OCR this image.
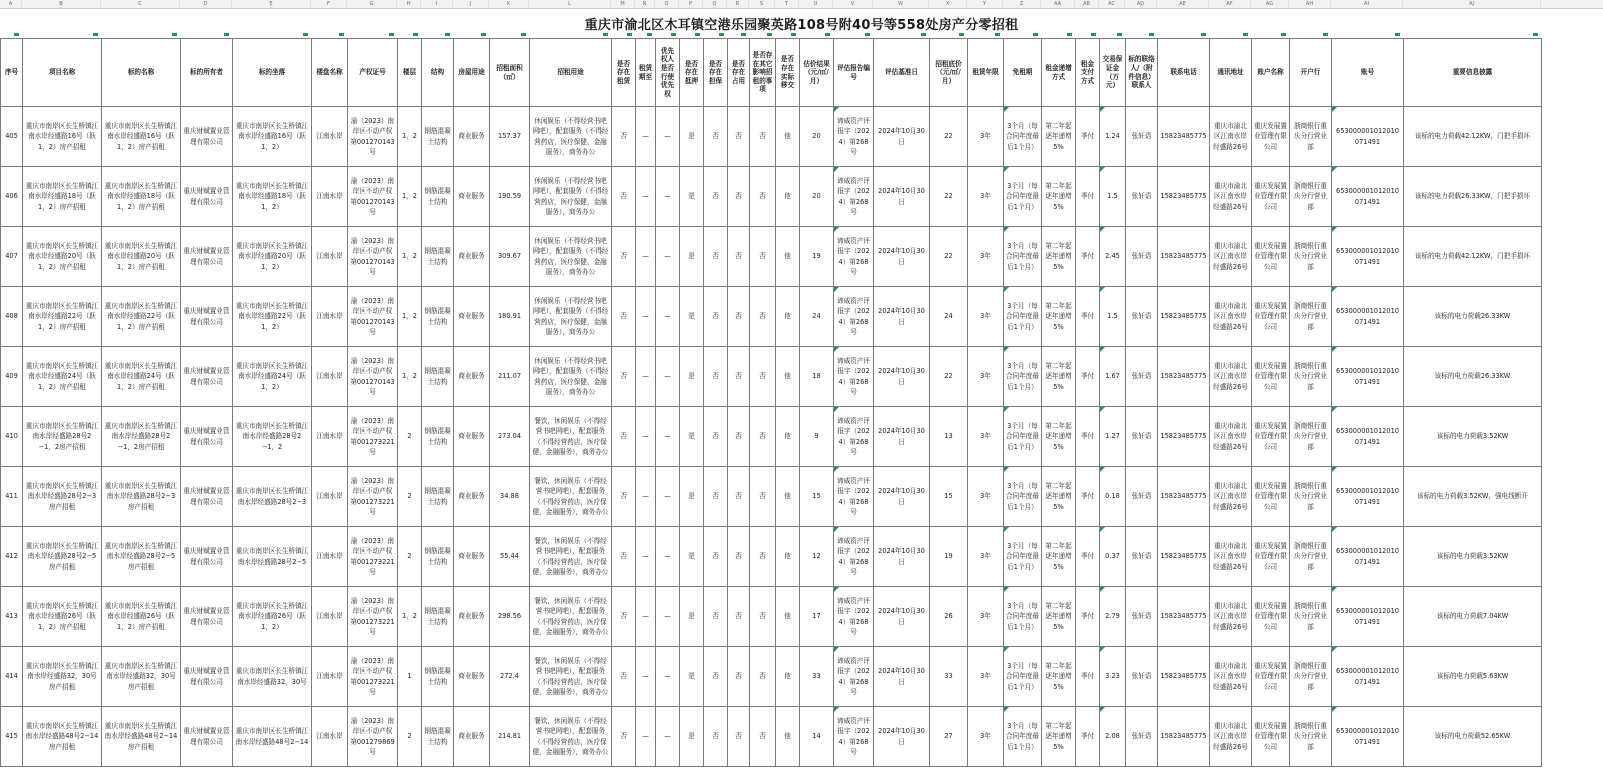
A	B	C	D	E	F	G	H	I	J	K	L	M	N	O	P	Q	R	S	T	U	V	W	X	Y	Z	AA	AB	AC	AD	AE	AF	AG	AH	AI	AJ
重庆市渝北区木耳镇空港乐园聚英路108号附40号等558处房产分零招租
序号	项目名称	标的名称	标的所有者	标的坐落	楼盘名称	产权证号	楼层	结构	房屋用途	招租面积（㎡）	招租用途	是否存在租赁	租赁期至	优先权人是否行使优先权	是否存在抵押	是否存在担保	是否存在占用	是否存在其它影响招租的事项	是否存在实际移交	估价结果（元/㎡/月）	评估报告编号	评估基准日	招租底价（元/㎡/月）	租赁年限	免租期	租金递增方式	租金支付方式	交易保证金（万元）	标的联络人/（附件信息）联系人	联系电话	通讯地址	账户名称	开户行	账号	重要信息披露
405	重庆市南岸区长生桥镇江南水岸经盛路16号（跃1，2）房产招租	重庆市南岸区长生桥镇江南水岸经盛路16号（跃1，2）房产招租	重庆财赋置业管理有限公司	重庆市南岸区长生桥镇江南水岸经盛路16号（跃1，2）	江南水岸	渝（2023）南岸区不动产权第001270143号	1，2	钢筋混凝土结构	商业服务	157.37	休闲娱乐（不得经营书吧网吧），配套服务（不得经营药店，医疗保健，金融服务），商务办公	否	—	—	是	否	否	否	他	20	谛威资产评报字（2024）第268号	2024年10月30日	22	3年	3个月（每合同年度最后1个月）	第二年起逐年递增5%	季付	1.24	张轩语	15823485775	重庆市渝北区江南水岸经盛路26号	重庆发展置业管理有限公司	浙商银行重庆分行营业部	653000001012010071491	该标的电力荷载42.12KW，门把手损坏
406	重庆市南岸区长生桥镇江南水岸经盛路18号（跃1，2）房产招租	重庆市南岸区长生桥镇江南水岸经盛路18号（跃1，2）房产招租	重庆财赋置业管理有限公司	重庆市南岸区长生桥镇江南水岸经盛路18号（跃1，2）	江南水岸	渝（2023）南岸区不动产权第001270143号	1，2	钢筋混凝土结构	商业服务	190.59	休闲娱乐（不得经营书吧网吧），配套服务（不得经营药店，医疗保健，金融服务），商务办公	否	—	—	是	否	否	否	他	20	谛威资产评报字（2024）第268号	2024年10月30日	22	3年	3个月（每合同年度最后1个月）	第二年起逐年递增5%	季付	1.5	张轩语	15823485775	重庆市渝北区江南水岸经盛路26号	重庆发展置业管理有限公司	浙商银行重庆分行营业部	653000001012010071491	该标的电力荷载26.33KW，门把手损坏
407	重庆市南岸区长生桥镇江南水岸经盛路20号（跃1，2）房产招租	重庆市南岸区长生桥镇江南水岸经盛路20号（跃1，2）房产招租	重庆财赋置业管理有限公司	重庆市南岸区长生桥镇江南水岸经盛路20号（跃1，2）	江南水岸	渝（2023）南岸区不动产权第001270143号	1，2	钢筋混凝土结构	商业服务	309.67	休闲娱乐（不得经营书吧网吧），配套服务（不得经营药店，医疗保健，金融服务），商务办公	否	—	—	是	否	否	否	他	19	谛威资产评报字（2024）第268号	2024年10月30日	22	3年	3个月（每合同年度最后1个月）	第二年起逐年递增5%	季付	2.45	张轩语	15823485775	重庆市渝北区江南水岸经盛路26号	重庆发展置业管理有限公司	浙商银行重庆分行营业部	653000001012010071491	该标的电力荷载42.12KW，门把手损坏
408	重庆市南岸区长生桥镇江南水岸经盛路22号（跃1，2）房产招租	重庆市南岸区长生桥镇江南水岸经盛路22号（跃1，2）房产招租	重庆财赋置业管理有限公司	重庆市南岸区长生桥镇江南水岸经盛路22号（跃1，2）	江南水岸	渝（2023）南岸区不动产权第001270143号	1，2	钢筋混凝土结构	商业服务	180.91	休闲娱乐（不得经营书吧网吧），配套服务（不得经营药店，医疗保健，金融服务），商务办公	否	—	—	是	否	否	否	他	24	谛威资产评报字（2024）第268号	2024年10月30日	24	3年	3个月（每合同年度最后1个月）	第二年起逐年递增5%	季付	1.5	张轩语	15823485775	重庆市渝北区江南水岸经盛路26号	重庆发展置业管理有限公司	浙商银行重庆分行营业部	653000001012010071491	该标的电力荷载26.33KW
409	重庆市南岸区长生桥镇江南水岸经盛路24号（跃1，2）房产招租	重庆市南岸区长生桥镇江南水岸经盛路24号（跃1，2）房产招租	重庆财赋置业管理有限公司	重庆市南岸区长生桥镇江南水岸经盛路24号（跃1，2）	江南水岸	渝（2023）南岸区不动产权第001270143号	1，2	钢筋混凝土结构	商业服务	211.07	休闲娱乐（不得经营书吧网吧），配套服务（不得经营药店，医疗保健，金融服务），商务办公	否	—	—	是	否	否	否	他	18	谛威资产评报字（2024）第268号	2024年10月30日	22	3年	3个月（每合同年度最后1个月）	第二年起逐年递增5%	季付	1.67	张轩语	15823485775	重庆市渝北区江南水岸经盛路26号	重庆发展置业管理有限公司	浙商银行重庆分行营业部	653000001012010071491	该标的电力荷载26.33KW
410	重庆市南岸区长生桥镇江南水岸经盛路28号2−1，2房产招租	重庆市南岸区长生桥镇江南水岸经盛路28号2−1，2房产招租	重庆财赋置业管理有限公司	重庆市南岸区长生桥镇江南水岸经盛路28号2−1，2	江南水岸	渝（2023）南岸区不动产权第001273221号	2	钢筋混凝土结构	商业服务	273.04	餐饮，休闲娱乐（不得经营书吧网吧），配套服务（不得经营药店，医疗保健，金融服务），商务办公	否	—	—	是	否	否	否	他	9	谛威资产评报字（2024）第268号	2024年10月30日	13	3年	3个月（每合同年度最后1个月）	第二年起逐年递增5%	季付	1.27	张轩语	15823485775	重庆市渝北区江南水岸经盛路26号	重庆发展置业管理有限公司	浙商银行重庆分行营业部	653000001012010071491	该标的电力荷载3.52KW
411	重庆市南岸区长生桥镇江南水岸经盛路28号2−3房产招租	重庆市南岸区长生桥镇江南水岸经盛路28号2−3房产招租	重庆财赋置业管理有限公司	重庆市南岸区长生桥镇江南水岸经盛路28号2−3	江南水岸	渝（2023）南岸区不动产权第001273221号	2	钢筋混凝土结构	商业服务	34.88	餐饮，休闲娱乐（不得经营书吧网吧），配套服务（不得经营药店，医疗保健，金融服务），商务办公	否	—	—	是	否	否	否	他	15	谛威资产评报字（2024）第268号	2024年10月30日	15	3年	3个月（每合同年度最后1个月）	第二年起逐年递增5%	季付	0.18	张轩语	15823485775	重庆市渝北区江南水岸经盛路26号	重庆发展置业管理有限公司	浙商银行重庆分行营业部	653000001012010071491	该标的电力荷载3.52KW，强电线断开
412	重庆市南岸区长生桥镇江南水岸经盛路28号2−5房产招租	重庆市南岸区长生桥镇江南水岸经盛路28号2−5房产招租	重庆财赋置业管理有限公司	重庆市南岸区长生桥镇江南水岸经盛路28号2−5	江南水岸	渝（2023）南岸区不动产权第001273221号	2	钢筋混凝土结构	商业服务	55.44	餐饮，休闲娱乐（不得经营书吧网吧），配套服务（不得经营药店，医疗保健，金融服务），商务办公	否	—	—	是	否	否	否	他	12	谛威资产评报字（2024）第268号	2024年10月30日	19	3年	3个月（每合同年度最后1个月）	第二年起逐年递增5%	季付	0.37	张轩语	15823485775	重庆市渝北区江南水岸经盛路26号	重庆发展置业管理有限公司	浙商银行重庆分行营业部	653000001012010071491	该标的电力荷载3.52KW
413	重庆市南岸区长生桥镇江南水岸经盛路26号（跃1，2）房产招租	重庆市南岸区长生桥镇江南水岸经盛路26号（跃1，2）房产招租	重庆财赋置业管理有限公司	重庆市南岸区长生桥镇江南水岸经盛路26号（跃1，2）	江南水岸	渝（2023）南岸区不动产权第001273221号	1，2	钢筋混凝土结构	商业服务	298.56	餐饮，休闲娱乐（不得经营书吧网吧），配套服务（不得经营药店，医疗保健，金融服务），商务办公	否	—	—	是	否	否	否	他	17	谛威资产评报字（2024）第268号	2024年10月30日	26	3年	3个月（每合同年度最后1个月）	第二年起逐年递增5%	季付	2.79	张轩语	15823485775	重庆市渝北区江南水岸经盛路26号	重庆发展置业管理有限公司	浙商银行重庆分行营业部	653000001012010071491	该标的电力荷载7.04KW
414	重庆市南岸区长生桥镇江南水岸经盛路32，30号房产招租	重庆市南岸区长生桥镇江南水岸经盛路32，30号房产招租	重庆财赋置业管理有限公司	重庆市南岸区长生桥镇江南水岸经盛路32，30号	江南水岸	渝（2023）南岸区不动产权第001273221号	1	钢筋混凝土结构	商业服务	272.4	餐饮，休闲娱乐（不得经营书吧网吧），配套服务（不得经营药店，医疗保健，金融服务），商务办公	否	—	—	是	否	否	否	他	33	谛威资产评报字（2024）第268号	2024年10月30日	33	3年	3个月（每合同年度最后1个月）	第二年起逐年递增5%	季付	3.23	张轩语	15823485775	重庆市渝北区江南水岸经盛路26号	重庆发展置业管理有限公司	浙商银行重庆分行营业部	653000001012010071491	该标的电力荷载5.63KW
415	重庆市南岸区长生桥镇江南水岸经盛路48号2−14房产招租	重庆市南岸区长生桥镇江南水岸经盛路48号2−14房产招租	重庆财赋置业管理有限公司	重庆市南岸区长生桥镇江南水岸经盛路48号2−14	江南水岸	渝（2023）南岸区不动产权第001279869号	2	钢筋混凝土结构	商业服务	214.81	餐饮，休闲娱乐（不得经营书吧网吧），配套服务（不得经营药店，医疗保健，金融服务），商务办公	否	—	—	是	否	否	否	他	14	谛威资产评报字（2024）第268号	2024年10月30日	27	3年	3个月（每合同年度最后1个月）	第二年起逐年递增5%	季付	2.08	张轩语	15823485775	重庆市渝北区江南水岸经盛路26号	重庆发展置业管理有限公司	浙商银行重庆分行营业部	653000001012010071491	该标的电力荷载52.65KW
